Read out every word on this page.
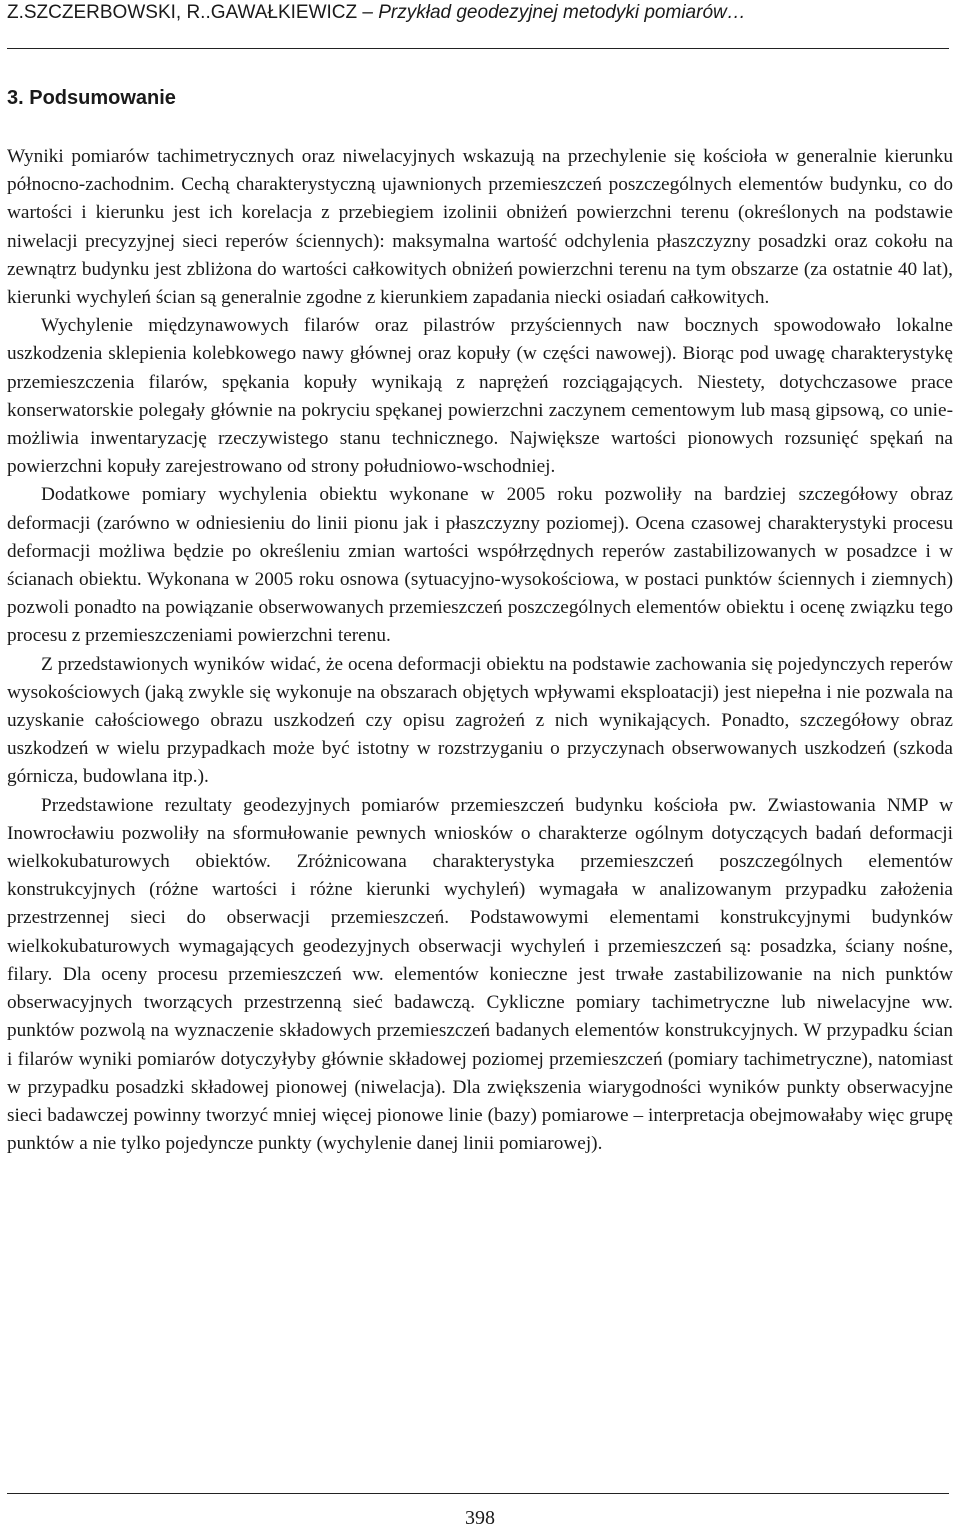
Z.SZCZERBOWSKI, R..GAWAŁKIEWICZ – Przykład geodezyjnej metodyki pomiarów…
3. Podsumowanie

Wyniki pomiarów tachimetrycznych oraz niwelacyjnych wskazują na przechylenie się kościoła w generalnie kierunku północno-zachodnim. Cechą charakterystyczną ujawnionych przemieszczeń poszczególnych elementów budynku, co do wartości i kierunku jest ich korelacja z przebiegiem izolinii obniżeń powierzchni terenu (określonych na podstawie niwelacji precyzyjnej sieci reperów ściennych): maksymalna wartość odchylenia płaszczyzny posadzki oraz cokołu na zewnątrz budynku jest zbliżona do wartości całkowitych obniżeń powierzchni terenu na tym obszarze (za ostatnie 40 lat), kierunki wychyleń ścian są generalnie zgodne z kierunkiem zapadania niecki osiadań całkowitych.

Wychylenie międzynawowych filarów oraz pilastrów przyściennych naw bocznych spowodowało lokalne uszkodzenia sklepienia kolebkowego nawy głównej oraz kopuły (w części nawowej). Biorąc pod uwagę charakterystykę przemieszczenia filarów, spękania kopuły wynikają z naprężeń rozciągających. Niestety, dotychczasowe prace konserwatorskie polegały głównie na pokryciu spękanej powierzchni zaczynem cementowym lub masą gipsową, co uniemożliwia inwentaryzację rzeczywistego stanu technicznego. Największe wartości pionowych rozsunięć spękań na powierzchni kopuły zarejestrowano od strony południowo-wschodniej.

Dodatkowe pomiary wychylenia obiektu wykonane w 2005 roku pozwoliły na bardziej szczegółowy obraz deformacji (zarówno w odniesieniu do linii pionu jak i płaszczyzny poziomej). Ocena czasowej charakterystyki procesu deformacji możliwa będzie po określeniu zmian wartości współrzędnych reperów zastabilizowanych w posadzce i w ścianach obiektu. Wykonana w 2005 roku osnowa (sytuacyjno-wysokościowa, w postaci punktów ściennych i ziemnych) pozwoli ponadto na powiązanie obserwowanych przemieszczeń poszczególnych elementów obiektu i ocenę związku tego procesu z przemieszczeniami powierzchni terenu.

Z przedstawionych wyników widać, że ocena deformacji obiektu na podstawie zachowania się pojedynczych reperów wysokościowych (jaką zwykle się wykonuje na obszarach objętych wpływami eksploatacji) jest niepełna i nie pozwala na uzyskanie całościowego obrazu uszkodzeń czy opisu zagrożeń z nich wynikających. Ponadto, szczegółowy obraz uszkodzeń w wielu przypadkach może być istotny w rozstrzyganiu o przyczynach obserwowanych uszkodzeń (szkoda górnicza, budowlana itp.).

Przedstawione rezultaty geodezyjnych pomiarów przemieszczeń budynku kościoła pw. Zwiastowania NMP w Inowrocławiu pozwoliły na sformułowanie pewnych wniosków o charakterze ogólnym dotyczących badań deformacji wielkokubaturowych obiektów. Zróżnicowana charakterystyka przemieszczeń poszczególnych elementów konstrukcyjnych (różne wartości i różne kierunki wychyleń) wymagała w analizowanym przypadku założenia przestrzennej sieci do obserwacji przemieszczeń. Podstawowymi elementami konstrukcyjnymi budynków wielkokubaturowych wymagających geodezyjnych obserwacji wychyleń i przemieszczeń są: posadzka, ściany nośne, filary. Dla oceny procesu przemieszczeń ww. elementów konieczne jest trwałe zastabilizowanie na nich punktów obserwacyjnych tworzących przestrzenną sieć badawczą. Cykliczne pomiary tachimetryczne lub niwelacyjne ww. punktów pozwolą na wyznaczenie składowych przemieszczeń badanych elementów konstrukcyjnych. W przypadku ścian i filarów wyniki pomiarów dotyczyłyby głównie składowej poziomej przemieszczeń (pomiary tachimetryczne), natomiast w przypadku posadzki składowej pionowej (niwelacja). Dla zwiększenia wiarygodności wyników punkty obserwacyjne sieci badawczej powinny tworzyć mniej więcej pionowe linie (bazy) pomiarowe – interpretacja obejmowałaby więc grupę punktów a nie tylko pojedyncze punkty (wychylenie danej linii pomiarowej).

398
